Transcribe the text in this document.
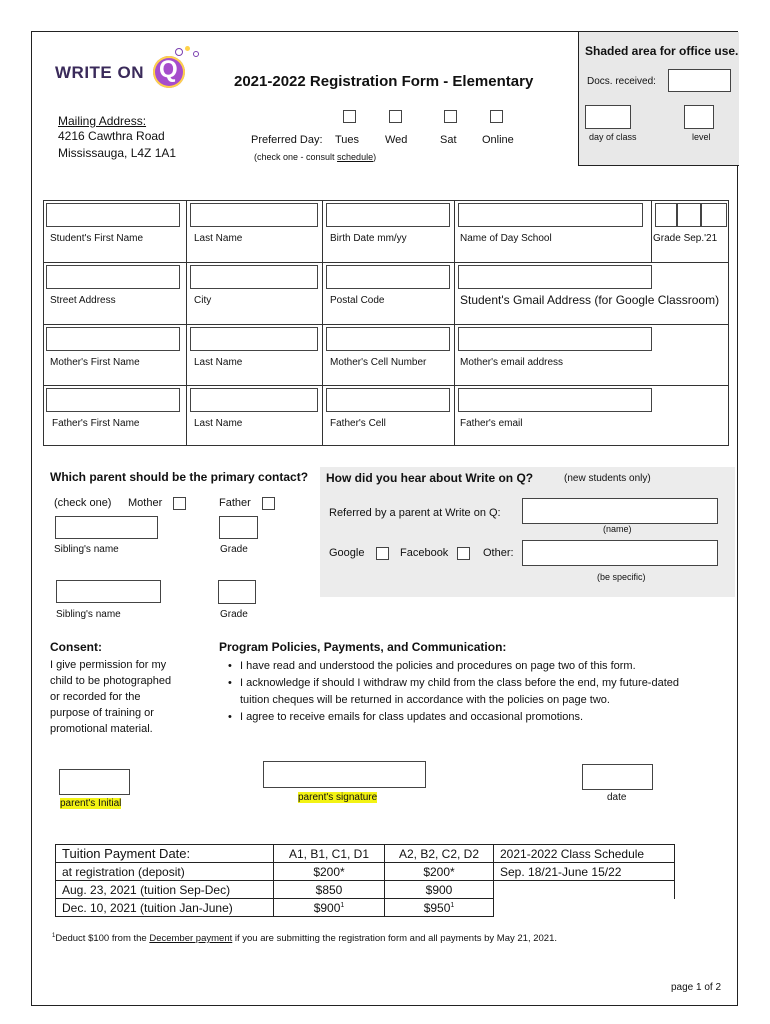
WRITE ON Q	2021-2022 Registration Form - Elementary
Mailing Address:
4216 Cawthra Road
Mississauga, L4Z 1A1
Preferred Day: Tues Wed	Sat Online
(check one - consult schedule)
Shaded area for office use.
Docs. received:
day of class	level
Student's First Name	Last Name	Birth Date mm/yy	Name of Day School	Grade Sep.'21
Street Address	City	Postal Code	Student's Gmail Address (for Google Classroom)
Mother's First Name	Last Name	Mother's Cell Number	Mother's email address
Father's First Name	Last Name	Father's Cell	Father's email
Which parent should be the primary contact?
(check one) Mother	Father
Sibling's name	Grade
Sibling's name	Grade
How did you hear about Write on Q?	(new students only)
Referred by a parent at Write on Q:
(name)
Google	Facebook	Other:
(be specific)
Consent:
I give permission for my
child to be photographed
or recorded for the
purpose of training or
promotional material.
Program Policies, Payments, and Communication:
• I have read and understood the policies and procedures on page two of this form.
• I acknowledge if should I withdraw my child from the class before the end, my future-dated
tuition cheques will be returned in accordance with the policies on page two.
• I agree to receive emails for class updates and occasional promotions.
parent's Initial
parent's signature	date
Tuition Payment Date:	A1, B1, C1, D1	A2, B2, C2, D2	2021-2022 Class Schedule
at registration (deposit)	$200*	$200*	Sep. 18/21-June 15/22
Aug. 23, 2021 (tuition Sep-Dec)	$850	$900	
Dec. 10, 2021 (tuition Jan-June)	$\$900^1$	$\$950^1$	
$^1$Deduct $100 from the December payment if you are submitting the registration form and all payments by May 21, 2021.
page 1 of 2
